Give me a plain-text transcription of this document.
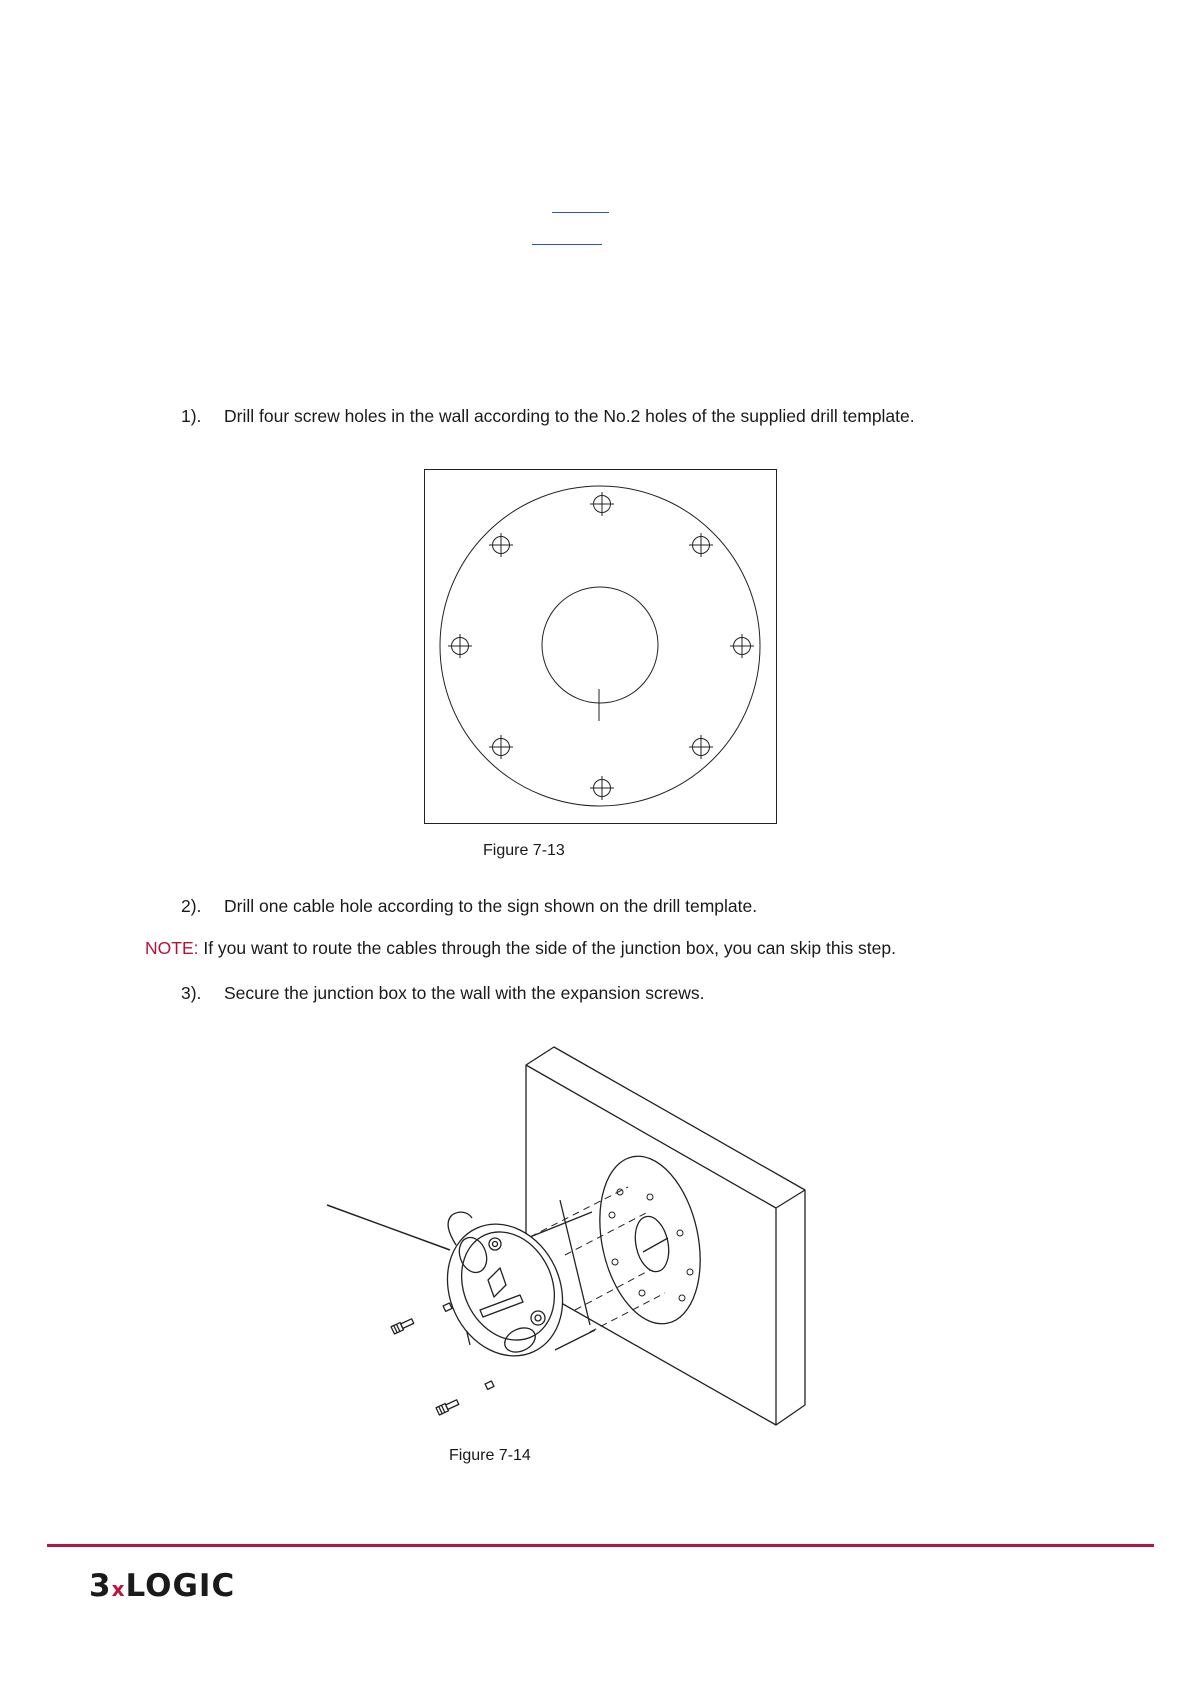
1). Drill four screw holes in the wall according to the No.2 holes of the supplied drill template.
Figure 7-13
2). Drill one cable hole according to the sign shown on the drill template.
NOTE: If you want to route the cables through the side of the junction box, you can skip this step.
3). Secure the junction box to the wall with the expansion screws.
Figure 7-14
3xLOGIC
